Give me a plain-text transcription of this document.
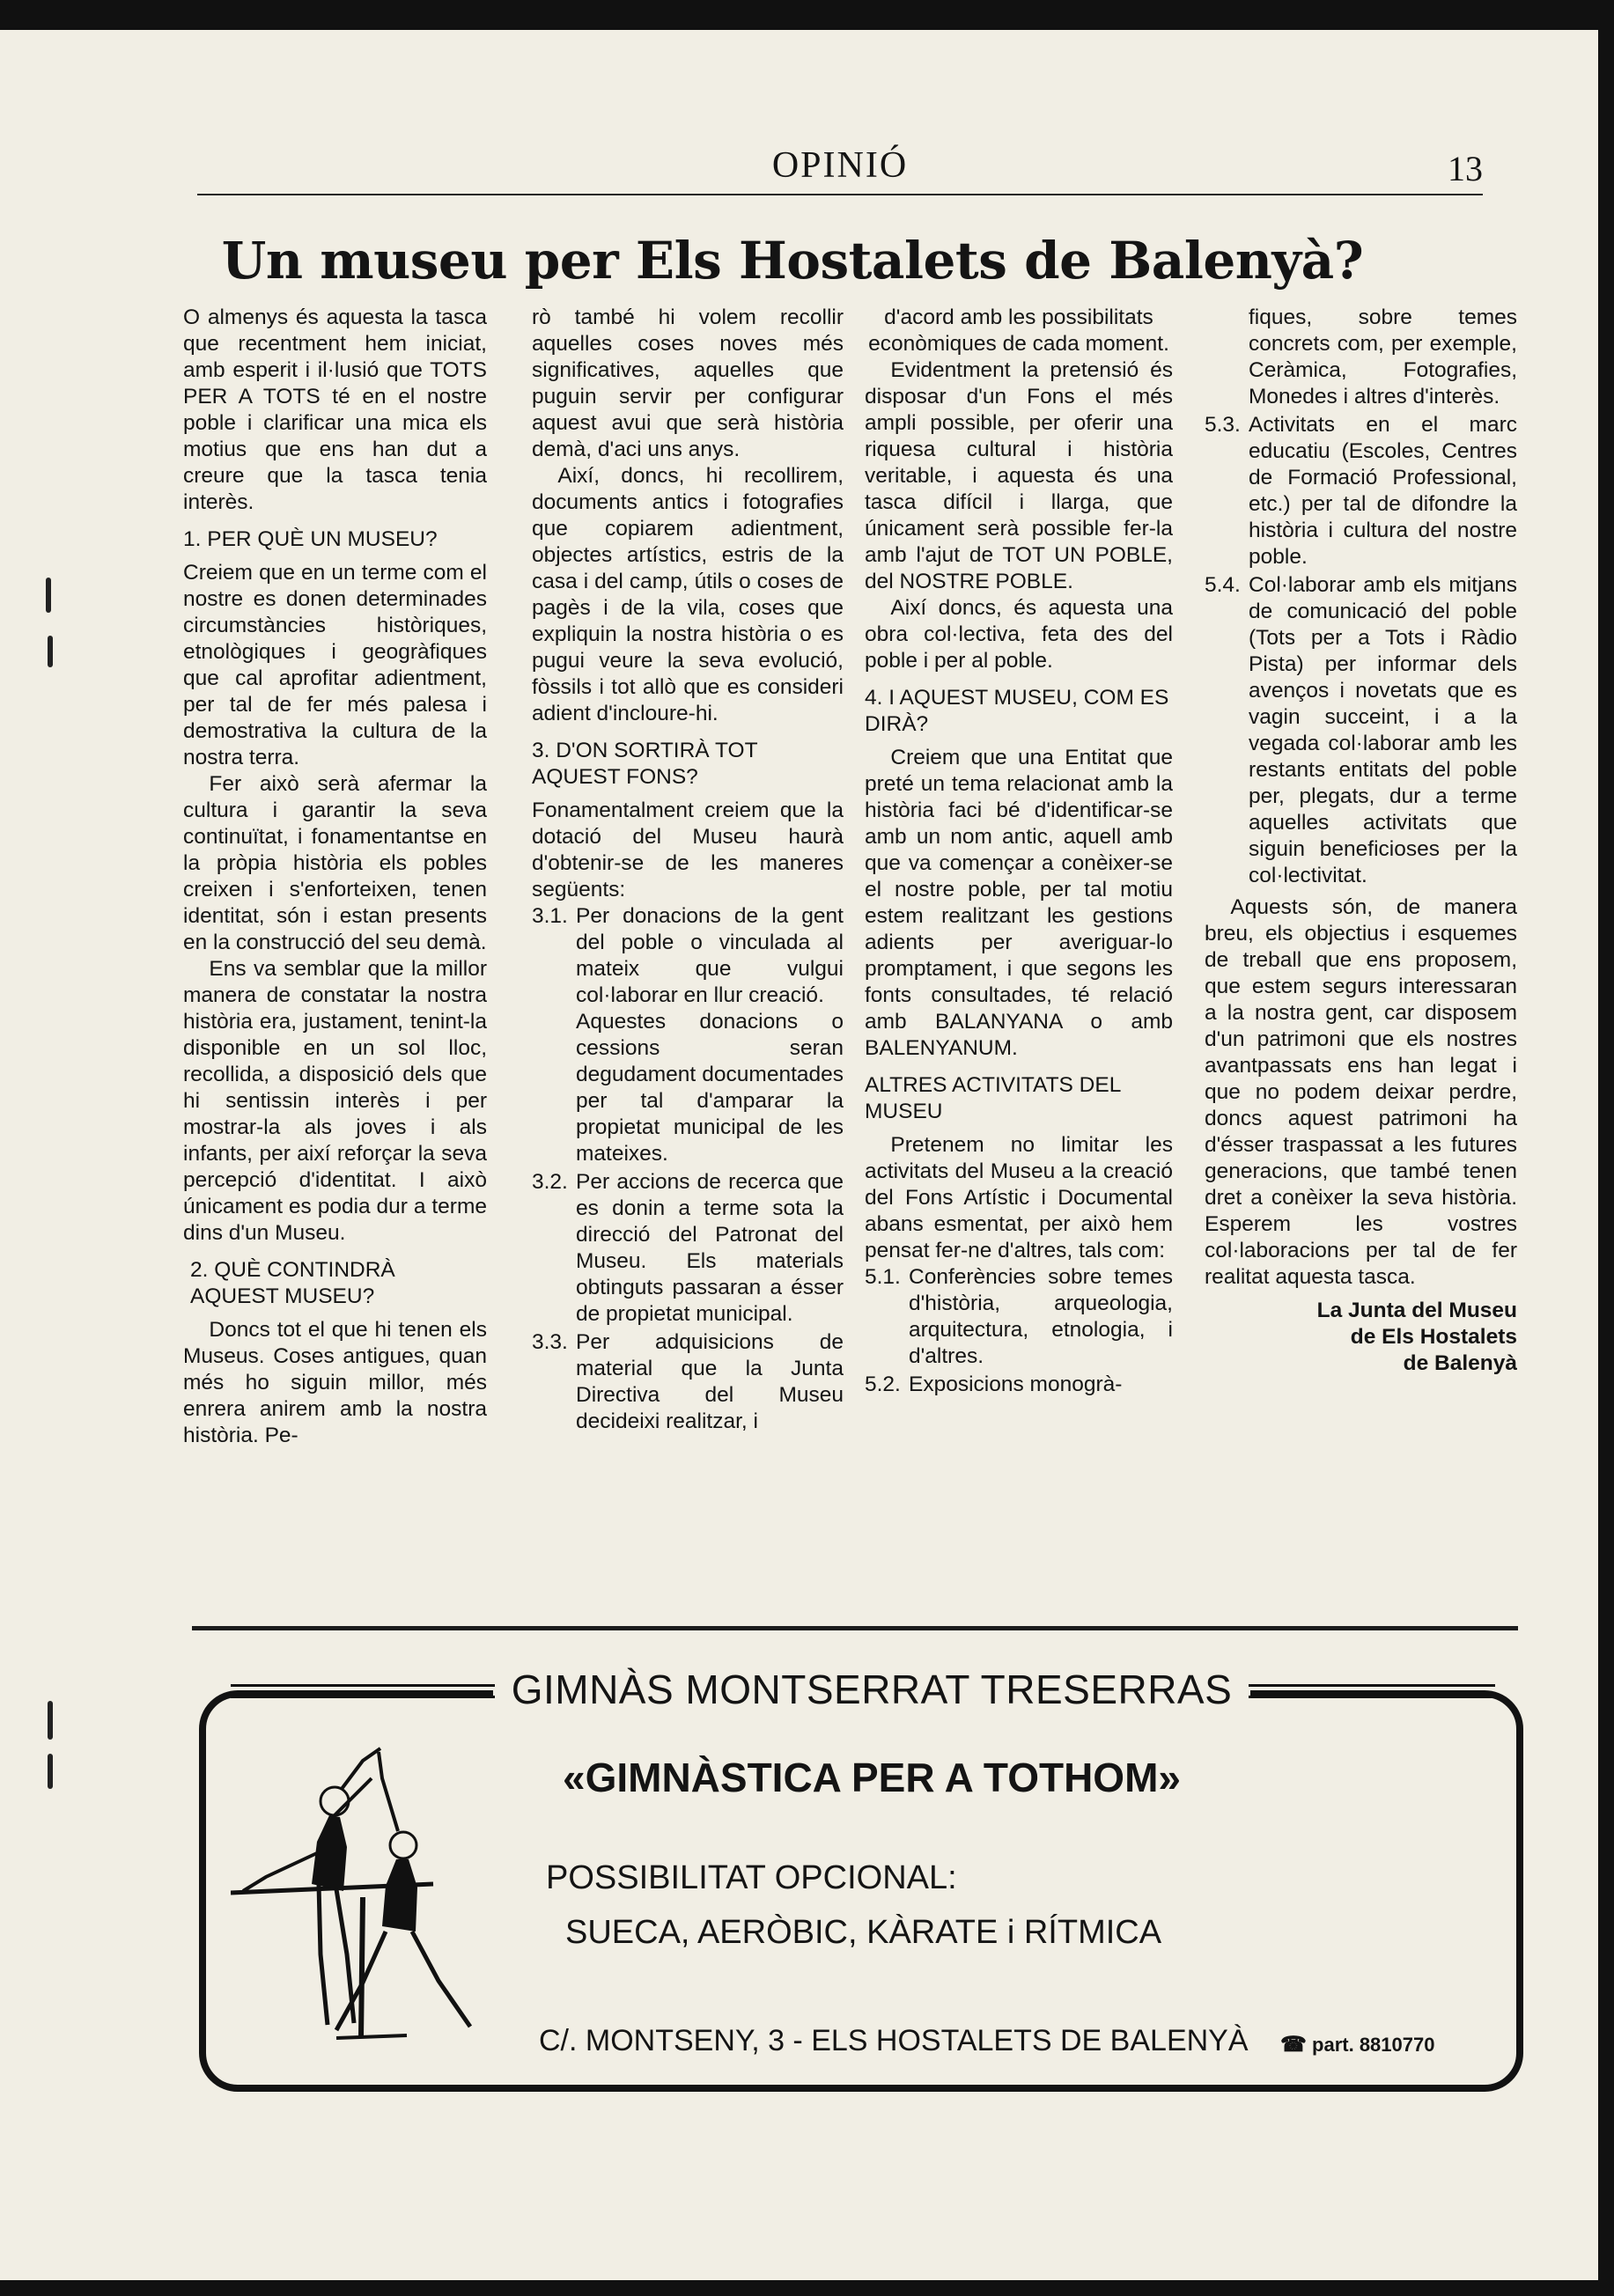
OPINIÓ	13
Un museu per Els Hostalets de Balenyà?

O almenys és aquesta la tasca que recentment hem iniciat, amb esperit i il·lusió que TOTS PER A TOTS té en el nostre poble i clarificar una mica els motius que ens han dut a creure que la tasca tenia interès.

1. PER QUÈ UN MUSEU?

Creiem que en un terme com el nostre es donen determinades circumstàncies històriques, etnològiques i geogràfiques que cal aprofitar adientment, per tal de fer més palesa i demostrativa la cultura de la nostra terra.

Fer això serà afermar la cultura i garantir la seva continuïtat, i fonamentantse en la pròpia història els pobles creixen i s'enforteixen, tenen identitat, són i estan presents en la construcció del seu demà.

Ens va semblar que la millor manera de constatar la nostra història era, justament, tenint-la disponible en un sol lloc, recollida, a disposició dels que hi sentissin interès i per mostrar-la als joves i als infants, per així reforçar la seva percepció d'identitat. I això únicament es podia dur a terme dins d'un Museu.

2. QUÈ CONTINDRÀ AQUEST MUSEU?

Doncs tot el que hi tenen els Museus. Coses antigues, quan més ho siguin millor, més enrera anirem amb la nostra història. Pe-

rò també hi volem recollir aquelles coses noves més significatives, aquelles que puguin servir per configurar aquest avui que serà història demà, d'aci uns anys.

Així, doncs, hi recollirem, documents antics i fotografies que copiarem adientment, objectes artístics, estris de la casa i del camp, útils o coses de pagès i de la vila, coses que expliquin la nostra història o es pugui veure la seva evolució, fòssils i tot allò que es consideri adient d'incloure-hi.

3. D'ON SORTIRÀ TOT AQUEST FONS?

Fonamentalment creiem que la dotació del Museu haurà d'obtenir-se de les maneres següents:

3.1. Per donacions de la gent del poble o vinculada al mateix que vulgui col·laborar en llur creació.
Aquestes donacions o cessions seran degudament documentades per tal d'amparar la propietat municipal de les mateixes.
3.2. Per accions de recerca que es donin a terme sota la direcció del Patronat del Museu. Els materials obtinguts passaran a ésser de propietat municipal.
3.3. Per adquisicions de material que la Junta Directiva del Museu decideixi realitzar, i

d'acord amb les possibilitats econòmiques de cada moment.

Evidentment la pretensió és disposar d'un Fons el més ampli possible, per oferir una riquesa cultural i història veritable, i aquesta és una tasca difícil i llarga, que únicament serà possible fer-la amb l'ajut de TOT UN POBLE, del NOSTRE POBLE.

Així doncs, és aquesta una obra col·lectiva, feta des del poble i per al poble.

4. I AQUEST MUSEU, COM ES DIRÀ?

Creiem que una Entitat que preté un tema relacionat amb la història faci bé d'identificar-se amb un nom antic, aquell amb que va començar a conèixer-se el nostre poble, per tal motiu estem realitzant les gestions adients per averiguar-lo promptament, i que segons les fonts consultades, té relació amb BALANYANA o amb BALENYANUM.

ALTRES ACTIVITATS DEL MUSEU

Pretenem no limitar les activitats del Museu a la creació del Fons Artístic i Documental abans esmentat, per això hem pensat fer-ne d'altres, tals com:

5.1. Conferències sobre temes d'història, arqueologia, arquitectura, etnologia, i d'altres.
5.2. Exposicions monogrà-
fiques, sobre temes concrets com, per exemple, Ceràmica, Fotografies, Monedes i altres d'interès.
5.3. Activitats en el marc educatiu (Escoles, Centres de Formació Professional, etc.) per tal de difondre la història i cultura del nostre poble.
5.4. Col·laborar amb els mitjans de comunicació del poble (Tots per a Tots i Ràdio Pista) per informar dels avenços i novetats que es vagin succeint, i a la vegada col·laborar amb les restants entitats del poble per, plegats, dur a terme aquelles activitats que siguin beneficioses per la col·lectivitat.

Aquests són, de manera breu, els objectius i esquemes de treball que ens proposem, que estem segurs interessaran a la nostra gent, car disposem d'un patrimoni que els nostres avantpassats ens han legat i que no podem deixar perdre, doncs aquest patrimoni ha d'ésser traspassat a les futures generacions, que també tenen dret a conèixer la seva història. Esperem les vostres col·laboracions per tal de fer realitat aquesta tasca.

La Junta del Museu
de Els Hostalets
de Balenyà
GIMNÀS MONTSERRAT TRESERRAS
«GIMNÀSTICA PER A TOTHOM»
POSSIBILITAT OPCIONAL:
SUECA, AERÒBIC, KÀRATE i RÍTMICA
C/. MONTSENY, 3 - ELS HOSTALETS DE BALENYÀ ☎ part. 8810770
